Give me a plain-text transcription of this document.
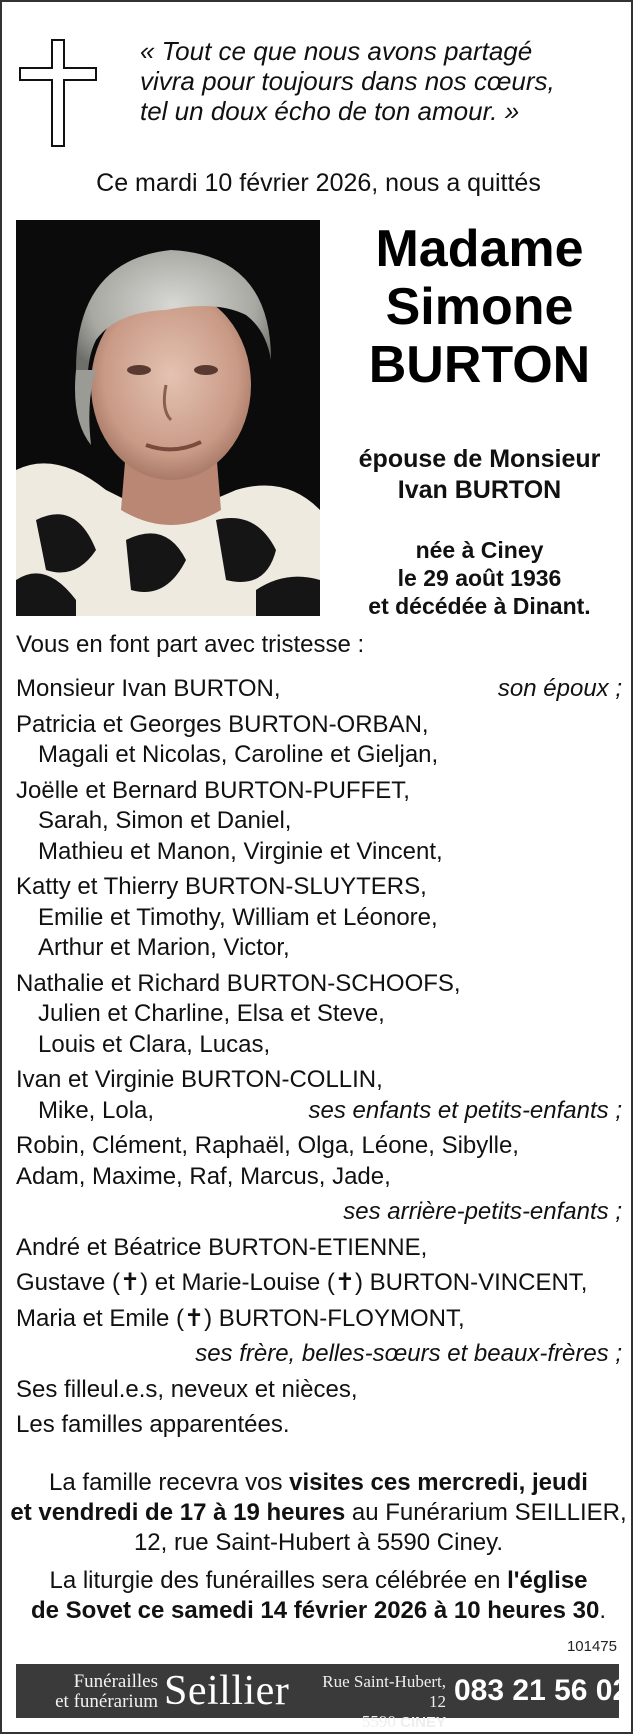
« Tout ce que nous avons partagé
vivra pour toujours dans nos cœurs,
tel un doux écho de ton amour. »
Ce mardi 10 février 2026, nous a quittés
Madame
Simone
BURTON
épouse de Monsieur
Ivan BURTON
née à Ciney
le 29 août 1936
et décédée à Dinant.
Vous en font part avec tristesse :
Monsieur Ivan BURTON,	son époux ;
Patricia et Georges BURTON-ORBAN,
Magali et Nicolas, Caroline et Gieljan,
Joëlle et Bernard BURTON-PUFFET,
Sarah, Simon et Daniel,
Mathieu et Manon, Virginie et Vincent,
Katty et Thierry BURTON-SLUYTERS,
Emilie et Timothy, William et Léonore,
Arthur et Marion, Victor,
Nathalie et Richard BURTON-SCHOOFS,
Julien et Charline, Elsa et Steve,
Louis et Clara, Lucas,
Ivan et Virginie BURTON-COLLIN,
Mike, Lola,	ses enfants et petits-enfants ;
Robin, Clément, Raphaël, Olga, Léone, Sibylle,
Adam, Maxime, Raf, Marcus, Jade,
ses arrière-petits-enfants ;
André et Béatrice BURTON-ETIENNE,
Gustave (✝) et Marie-Louise (✝) BURTON-VINCENT,
Maria et Emile (✝) BURTON-FLOYMONT,
ses frère, belles-sœurs et beaux-frères ;
Ses filleul.e.s, neveux et nièces,
Les familles apparentées.
La famille recevra vos visites ces mercredi, jeudi
et vendredi de 17 à 19 heures au Funérarium SEILLIER,
12, rue Saint-Hubert à 5590 Ciney.
La liturgie des funérailles sera célébrée en l'église
de Sovet ce samedi 14 février 2026 à 10 heures 30.
101475
Funérailles
et funérarium Seillier	Rue Saint-Hubert, 12
5590 CINEY
083 21 56 02
